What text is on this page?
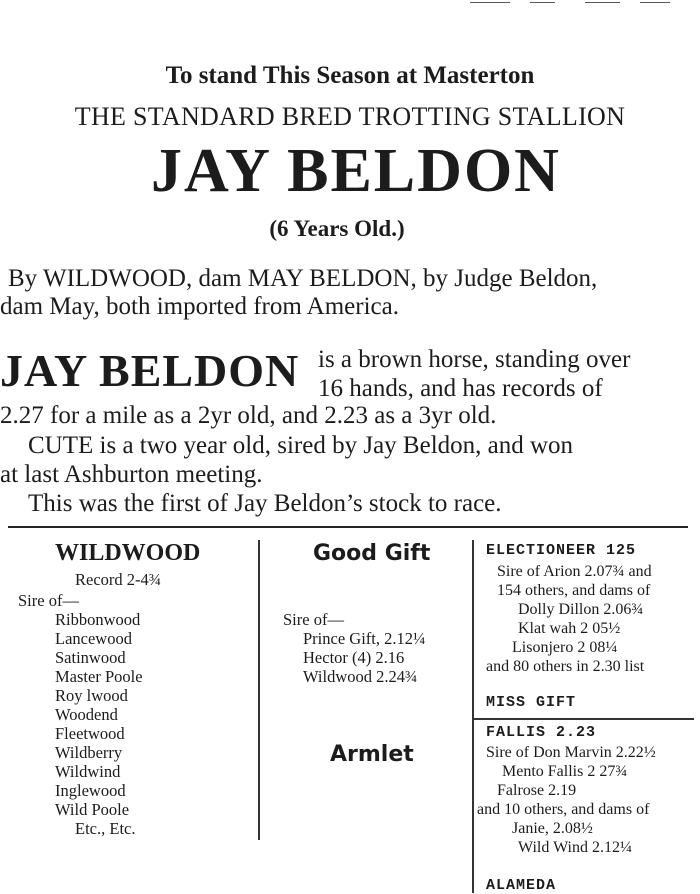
To stand This Season at Masterton
THE STANDARD BRED TROTTING STALLION
JAY BELDON
(6 Years Old.)
By WILDWOOD, dam MAY BELDON, by Judge Beldon,
dam May, both imported from America.
JAY BELDON is a brown horse, standing over
16 hands, and has records of
2.27 for a mile as a 2yr old, and 2.23 as a 3yr old.
CUTE is a two year old, sired by Jay Beldon, and won
at last Ashburton meeting.
This was the first of Jay Beldon’s stock to race.
WILDWOOD
Record 2-4¾
Sire of—
Ribbonwood
Lancewood
Satinwood
Master Poole
Roy lwood
Woodend
Fleetwood
Wildberry
Wildwind
Inglewood
Wild Poole
Etc., Etc.
Good Gift
Sire of—
Prince Gift, 2.12¼
Hector (4) 2.16
Wildwood 2.24¾
Armlet
ELECTIONEER 125
Sire of Arion 2.07¾ and
154 others, and dams of
Dolly Dillon 2.06¾
Klat wah 2 05½
Lisonjero 2 08¼
and 80 others in 2.30 list
MISS GIFT
FALLIS 2.23
Sire of Don Marvin 2.22½
Mento Fallis 2 27¾
Falrose 2.19
and 10 others, and dams of
Janie, 2.08½
Wild Wind 2.12¼
ALAMEDA
